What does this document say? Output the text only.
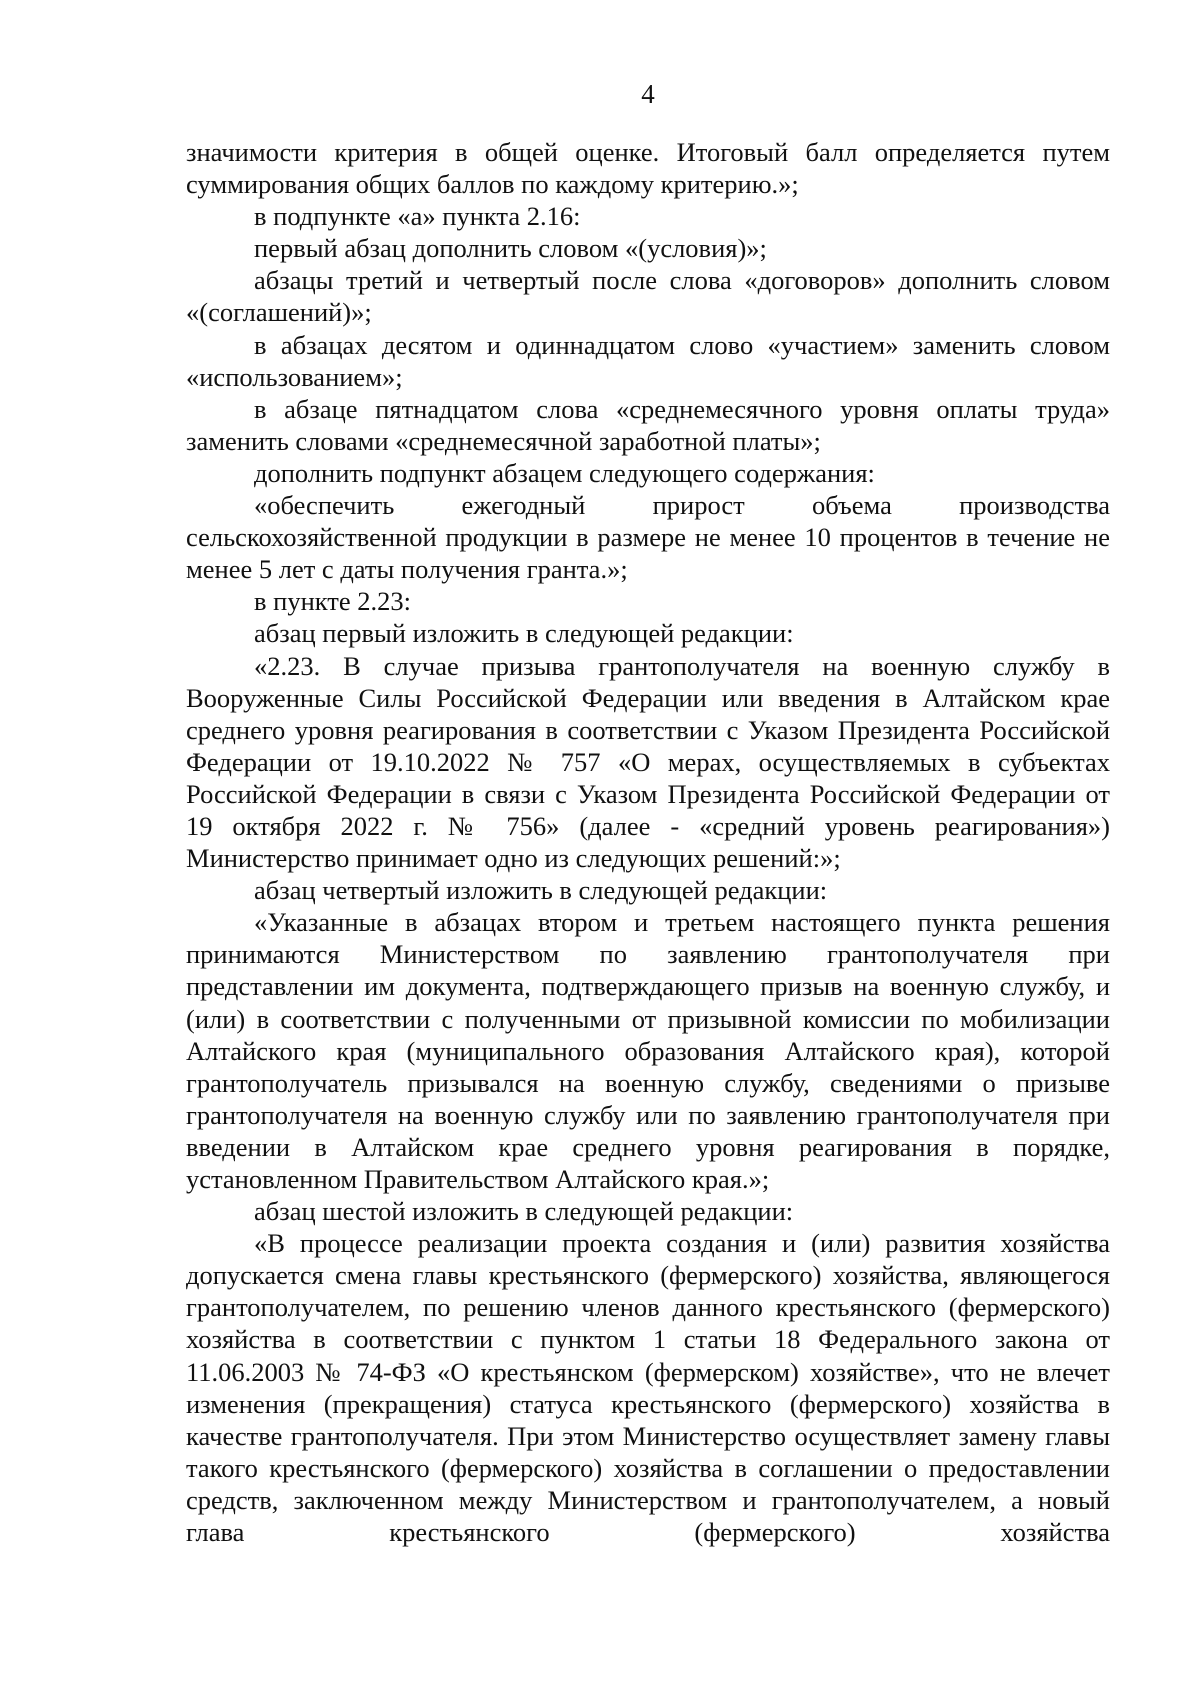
4

значимости критерия в общей оценке. Итоговый балл определяется путем суммирования общих баллов по каждому критерию.»;

в подпункте «а» пункта 2.16:

первый абзац дополнить словом «(условия)»;

абзацы третий и четвертый после слова «договоров» дополнить словом «(соглашений)»;

в абзацах десятом и одиннадцатом слово «участием» заменить словом «использованием»;

в абзаце пятнадцатом слова «среднемесячного уровня оплаты труда» заменить словами «среднемесячной заработной платы»;

дополнить подпункт абзацем следующего содержания:

«обеспечить ежегодный прирост объема производства сельскохозяйственной продукции в размере не менее 10 процентов в течение не менее 5 лет с даты получения гранта.»;

в пункте 2.23:

абзац первый изложить в следующей редакции:

«2.23. В случае призыва грантополучателя на военную службу в Вооруженные Силы Российской Федерации или введения в Алтайском крае среднего уровня реагирования в соответствии с Указом Президента Российской Федерации от 19.10.2022 № 757 «О мерах, осуществляемых в субъектах Российской Федерации в связи с Указом Президента Российской Федерации от 19 октября 2022 г. № 756» (далее - «средний уровень реагирования») Министерство принимает одно из следующих решений:»;

абзац четвертый изложить в следующей редакции:

«Указанные в абзацах втором и третьем настоящего пункта решения принимаются Министерством по заявлению грантополучателя при представлении им документа, подтверждающего призыв на военную службу, и (или) в соответствии с полученными от призывной комиссии по мобилизации Алтайского края (муниципального образования Алтайского края), которой грантополучатель призывался на военную службу, сведениями о призыве грантополучателя на военную службу или по заявлению грантополучателя при введении в Алтайском крае среднего уровня реагирования в порядке, установленном Правительством Алтайского края.»;

абзац шестой изложить в следующей редакции:

«В процессе реализации проекта создания и (или) развития хозяйства допускается смена главы крестьянского (фермерского) хозяйства, являющегося грантополучателем, по решению членов данного крестьянского (фермерского) хозяйства в соответствии с пунктом 1 статьи 18 Федерального закона от 11.06.2003 № 74-ФЗ «О крестьянском (фермерском) хозяйстве», что не влечет изменения (прекращения) статуса крестьянского (фермерского) хозяйства в качестве грантополучателя. При этом Министерство осуществляет замену главы такого крестьянского (фермерского) хозяйства в соглашении о предоставлении средств, заключенном между Министерством и грантополучателем, а новый глава крестьянского (фермерского) хозяйства
